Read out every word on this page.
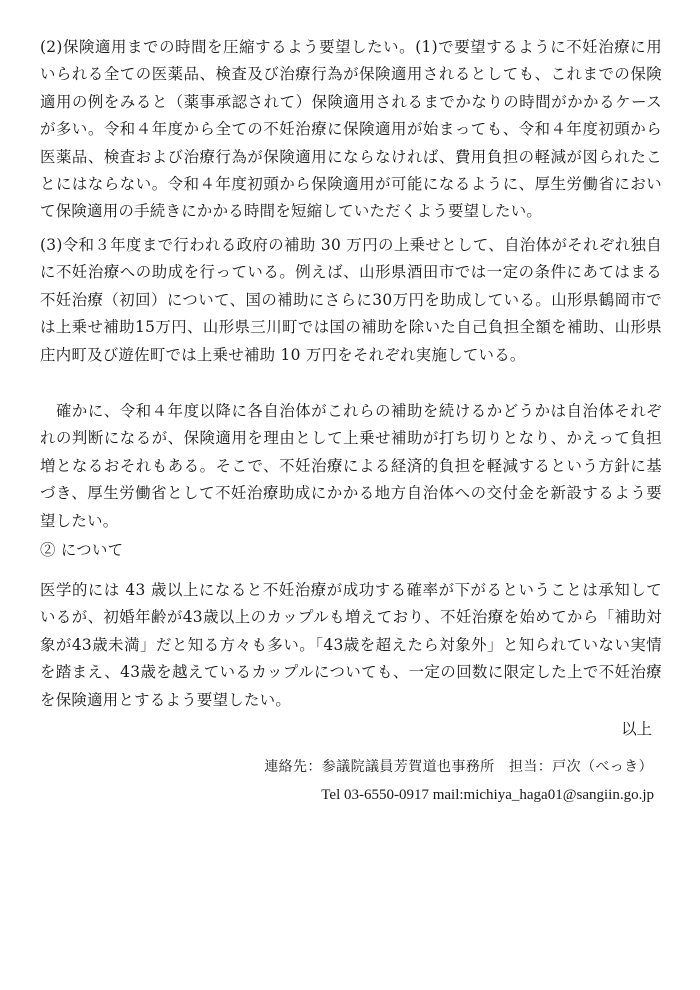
(2)保険適用までの時間を圧縮するよう要望したい。(1)で要望するように不妊治療に用いられる全ての医薬品、検査及び治療行為が保険適用されるとしても、これまでの保険適用の例をみると（薬事承認されて）保険適用されるまでかなりの時間がかかるケースが多い。令和４年度から全ての不妊治療に保険適用が始まっても、令和４年度初頭から医薬品、検査および治療行為が保険適用にならなければ、費用負担の軽減が図られたことにはならない。令和４年度初頭から保険適用が可能になるように、厚生労働省において保険適用の手続きにかかる時間を短縮していただくよう要望したい。

(3)令和３年度まで行われる政府の補助 30 万円の上乗せとして、自治体がそれぞれ独自に不妊治療への助成を行っている。例えば、山形県酒田市では一定の条件にあてはまる不妊治療（初回）について、国の補助にさらに30万円を助成している。山形県鶴岡市では上乗せ補助15万円、山形県三川町では国の補助を除いた自己負担全額を補助、山形県庄内町及び遊佐町では上乗せ補助 10 万円をそれぞれ実施している。

　確かに、令和４年度以降に各自治体がこれらの補助を続けるかどうかは自治体それぞれの判断になるが、保険適用を理由として上乗せ補助が打ち切りとなり、かえって負担増となるおそれもある。そこで、不妊治療による経済的負担を軽減するという方針に基づき、厚生労働省として不妊治療助成にかかる地方自治体への交付金を新設するよう要望したい。

② について

医学的には 43 歳以上になると不妊治療が成功する確率が下がるということは承知しているが、初婚年齢が43歳以上のカップルも増えており、不妊治療を始めてから「補助対象が43歳未満」だと知る方々も多い。「43歳を超えたら対象外」と知られていない実情を踏まえ、43歳を越えているカップルについても、一定の回数に限定した上で不妊治療を保険適用とするよう要望したい。

以上

連絡先：参議院議員芳賀道也事務所　担当：戸次（べっき）

Tel 03-6550-0917 mail:michiya_haga01@sangiin.go.jp
